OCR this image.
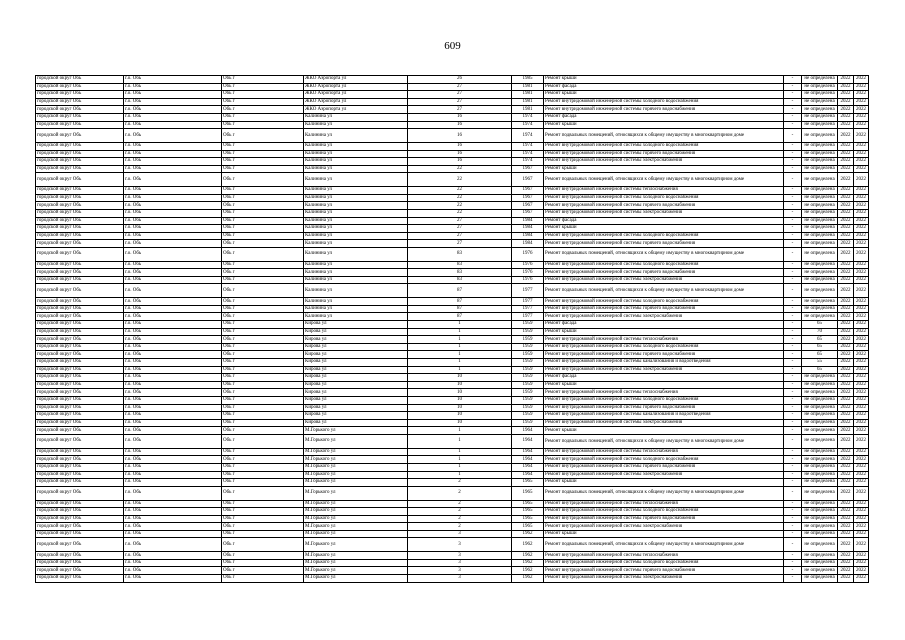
609
городской округ Обь	г.о. Обь	Обь г	ЖКО Аэропорта ул	26	1985	Ремонт крыши	-	не определена	2022	2022
городской округ Обь	г.о. Обь	Обь г	ЖКО Аэропорта ул	27	1981	Ремонт фасада	-	не определена	2022	2022
городской округ Обь	г.о. Обь	Обь г	ЖКО Аэропорта ул	27	1981	Ремонт крыши	-	не определена	2022	2022
городской округ Обь	г.о. Обь	Обь г	ЖКО Аэропорта ул	27	1981	Ремонт внутридомовой инженерной системы холодного водоснабжения	-	не определена	2022	2022
городской округ Обь	г.о. Обь	Обь г	ЖКО Аэропорта ул	27	1981	Ремонт внутридомовой инженерной системы горячего водоснабжения	-	не определена	2022	2022
городской округ Обь	г.о. Обь	Обь г	Калинина ул	16	1974	Ремонт фасада	-	не определена	2022	2022
городской округ Обь	г.о. Обь	Обь г	Калинина ул	16	1974	Ремонт крыши	-	не определена	2022	2022
городской округ Обь	г.о. Обь	Обь г	Калинина ул	16	1974	Ремонт подвальных помещений, относящихся к общему имуществу в многоквартирном доме	-	не определена	2022	2022
городской округ Обь	г.о. Обь	Обь г	Калинина ул	16	1974	Ремонт внутридомовой инженерной системы холодного водоснабжения	-	не определена	2022	2022
городской округ Обь	г.о. Обь	Обь г	Калинина ул	16	1974	Ремонт внутридомовой инженерной системы горячего водоснабжения	-	не определена	2022	2022
городской округ Обь	г.о. Обь	Обь г	Калинина ул	16	1974	Ремонт внутридомовой инженерной системы электроснабжения	-	не определена	2022	2022
городской округ Обь	г.о. Обь	Обь г	Калинина ул	22	1967	Ремонт крыши	-	не определена	2022	2022
городской округ Обь	г.о. Обь	Обь г	Калинина ул	22	1967	Ремонт подвальных помещений, относящихся к общему имуществу в многоквартирном доме	-	не определена	2022	2022
городской округ Обь	г.о. Обь	Обь г	Калинина ул	22	1967	Ремонт внутридомовой инженерной системы теплоснабжения	-	не определена	2022	2022
городской округ Обь	г.о. Обь	Обь г	Калинина ул	22	1967	Ремонт внутридомовой инженерной системы холодного водоснабжения	-	не определена	2022	2022
городской округ Обь	г.о. Обь	Обь г	Калинина ул	22	1967	Ремонт внутридомовой инженерной системы горячего водоснабжения	-	не определена	2022	2022
городской округ Обь	г.о. Обь	Обь г	Калинина ул	22	1967	Ремонт внутридомовой инженерной системы электроснабжения	-	не определена	2022	2022
городской округ Обь	г.о. Обь	Обь г	Калинина ул	27	1984	Ремонт фасада	-	не определена	2022	2022
городской округ Обь	г.о. Обь	Обь г	Калинина ул	27	1984	Ремонт крыши	-	не определена	2022	2022
городской округ Обь	г.о. Обь	Обь г	Калинина ул	27	1984	Ремонт внутридомовой инженерной системы холодного водоснабжения	-	не определена	2022	2022
городской округ Обь	г.о. Обь	Обь г	Калинина ул	27	1984	Ремонт внутридомовой инженерной системы горячего водоснабжения	-	не определена	2022	2022
городской округ Обь	г.о. Обь	Обь г	Калинина ул	83	1976	Ремонт подвальных помещений, относящихся к общему имуществу в многоквартирном доме	-	не определена	2022	2022
городской округ Обь	г.о. Обь	Обь г	Калинина ул	83	1976	Ремонт внутридомовой инженерной системы холодного водоснабжения	-	не определена	2022	2022
городской округ Обь	г.о. Обь	Обь г	Калинина ул	83	1976	Ремонт внутридомовой инженерной системы горячего водоснабжения	-	не определена	2022	2022
городской округ Обь	г.о. Обь	Обь г	Калинина ул	83	1976	Ремонт внутридомовой инженерной системы электроснабжения	-	не определена	2022	2022
городской округ Обь	г.о. Обь	Обь г	Калинина ул	87	1977	Ремонт подвальных помещений, относящихся к общему имуществу в многоквартирном доме	-	не определена	2022	2022
городской округ Обь	г.о. Обь	Обь г	Калинина ул	87	1977	Ремонт внутридомовой инженерной системы холодного водоснабжения	-	не определена	2022	2022
городской округ Обь	г.о. Обь	Обь г	Калинина ул	87	1977	Ремонт внутридомовой инженерной системы горячего водоснабжения	-	не определена	2022	2022
городской округ Обь	г.о. Обь	Обь г	Калинина ул	87	1977	Ремонт внутридомовой инженерной системы электроснабжения	-	не определена	2022	2022
городской округ Обь	г.о. Обь	Обь г	Кирова ул	1	1959	Ремонт фасада	-	65	2022	2022
городской округ Обь	г.о. Обь	Обь г	Кирова ул	1	1959	Ремонт крыши	-	70	2022	2022
городской округ Обь	г.о. Обь	Обь г	Кирова ул	1	1959	Ремонт внутридомовой инженерной системы теплоснабжения	-	65	2022	2022
городской округ Обь	г.о. Обь	Обь г	Кирова ул	1	1959	Ремонт внутридомовой инженерной системы холодного водоснабжения	-	65	2022	2022
городской округ Обь	г.о. Обь	Обь г	Кирова ул	1	1959	Ремонт внутридомовой инженерной системы горячего водоснабжения	-	65	2022	2022
городской округ Обь	г.о. Обь	Обь г	Кирова ул	1	1959	Ремонт внутридомовой инженерной системы канализования и водоотведения	-	55	2022	2022
городской округ Обь	г.о. Обь	Обь г	Кирова ул	1	1959	Ремонт внутридомовой инженерной системы электроснабжения	-	65	2022	2022
городской округ Обь	г.о. Обь	Обь г	Кирова ул	10	1959	Ремонт фасада	-	не определена	2022	2022
городской округ Обь	г.о. Обь	Обь г	Кирова ул	10	1959	Ремонт крыши	-	не определена	2022	2022
городской округ Обь	г.о. Обь	Обь г	Кирова ул	10	1959	Ремонт внутридомовой инженерной системы теплоснабжения	-	не определена	2022	2022
городской округ Обь	г.о. Обь	Обь г	Кирова ул	10	1959	Ремонт внутридомовой инженерной системы холодного водоснабжения	-	не определена	2022	2022
городской округ Обь	г.о. Обь	Обь г	Кирова ул	10	1959	Ремонт внутридомовой инженерной системы горячего водоснабжения	-	не определена	2022	2022
городской округ Обь	г.о. Обь	Обь г	Кирова ул	10	1959	Ремонт внутридомовой инженерной системы канализования и водоотведения	-	не определена	2022	2022
городской округ Обь	г.о. Обь	Обь г	Кирова ул	10	1959	Ремонт внутридомовой инженерной системы электроснабжения	-	не определена	2022	2022
городской округ Обь	г.о. Обь	Обь г	М.Горького ул	1	1964	Ремонт крыши	-	не определена	2022	2022
городской округ Обь	г.о. Обь	Обь г	М.Горького ул	1	1964	Ремонт подвальных помещений, относящихся к общему имуществу в многоквартирном доме	-	не определена	2022	2022
городской округ Обь	г.о. Обь	Обь г	М.Горького ул	1	1964	Ремонт внутридомовой инженерной системы теплоснабжения	-	не определена	2022	2022
городской округ Обь	г.о. Обь	Обь г	М.Горького ул	1	1964	Ремонт внутридомовой инженерной системы холодного водоснабжения	-	не определена	2022	2022
городской округ Обь	г.о. Обь	Обь г	М.Горького ул	1	1964	Ремонт внутридомовой инженерной системы горячего водоснабжения	-	не определена	2022	2022
городской округ Обь	г.о. Обь	Обь г	М.Горького ул	1	1964	Ремонт внутридомовой инженерной системы электроснабжения	-	не определена	2022	2022
городской округ Обь	г.о. Обь	Обь г	М.Горького ул	2	1965	Ремонт крыши	-	не определена	2022	2022
городской округ Обь	г.о. Обь	Обь г	М.Горького ул	2	1965	Ремонт подвальных помещений, относящихся к общему имуществу в многоквартирном доме	-	не определена	2022	2022
городской округ Обь	г.о. Обь	Обь г	М.Горького ул	2	1965	Ремонт внутридомовой инженерной системы теплоснабжения	-	не определена	2022	2022
городской округ Обь	г.о. Обь	Обь г	М.Горького ул	2	1965	Ремонт внутридомовой инженерной системы холодного водоснабжения	-	не определена	2022	2022
городской округ Обь	г.о. Обь	Обь г	М.Горького ул	2	1965	Ремонт внутридомовой инженерной системы горячего водоснабжения	-	не определена	2022	2022
городской округ Обь	г.о. Обь	Обь г	М.Горького ул	2	1965	Ремонт внутридомовой инженерной системы электроснабжения	-	не определена	2022	2022
городской округ Обь	г.о. Обь	Обь г	М.Горького ул	3	1962	Ремонт крыши	-	не определена	2022	2022
городской округ Обь	г.о. Обь	Обь г	М.Горького ул	3	1962	Ремонт подвальных помещений, относящихся к общему имуществу в многоквартирном доме	-	не определена	2022	2022
городской округ Обь	г.о. Обь	Обь г	М.Горького ул	3	1962	Ремонт внутридомовой инженерной системы теплоснабжения	-	не определена	2022	2022
городской округ Обь	г.о. Обь	Обь г	М.Горького ул	3	1962	Ремонт внутридомовой инженерной системы холодного водоснабжения	-	не определена	2022	2022
городской округ Обь	г.о. Обь	Обь г	М.Горького ул	3	1962	Ремонт внутридомовой инженерной системы горячего водоснабжения	-	не определена	2022	2022
городской округ Обь	г.о. Обь	Обь г	М.Горького ул	3	1962	Ремонт внутридомовой инженерной системы электроснабжения	-	не определена	2022	2022
